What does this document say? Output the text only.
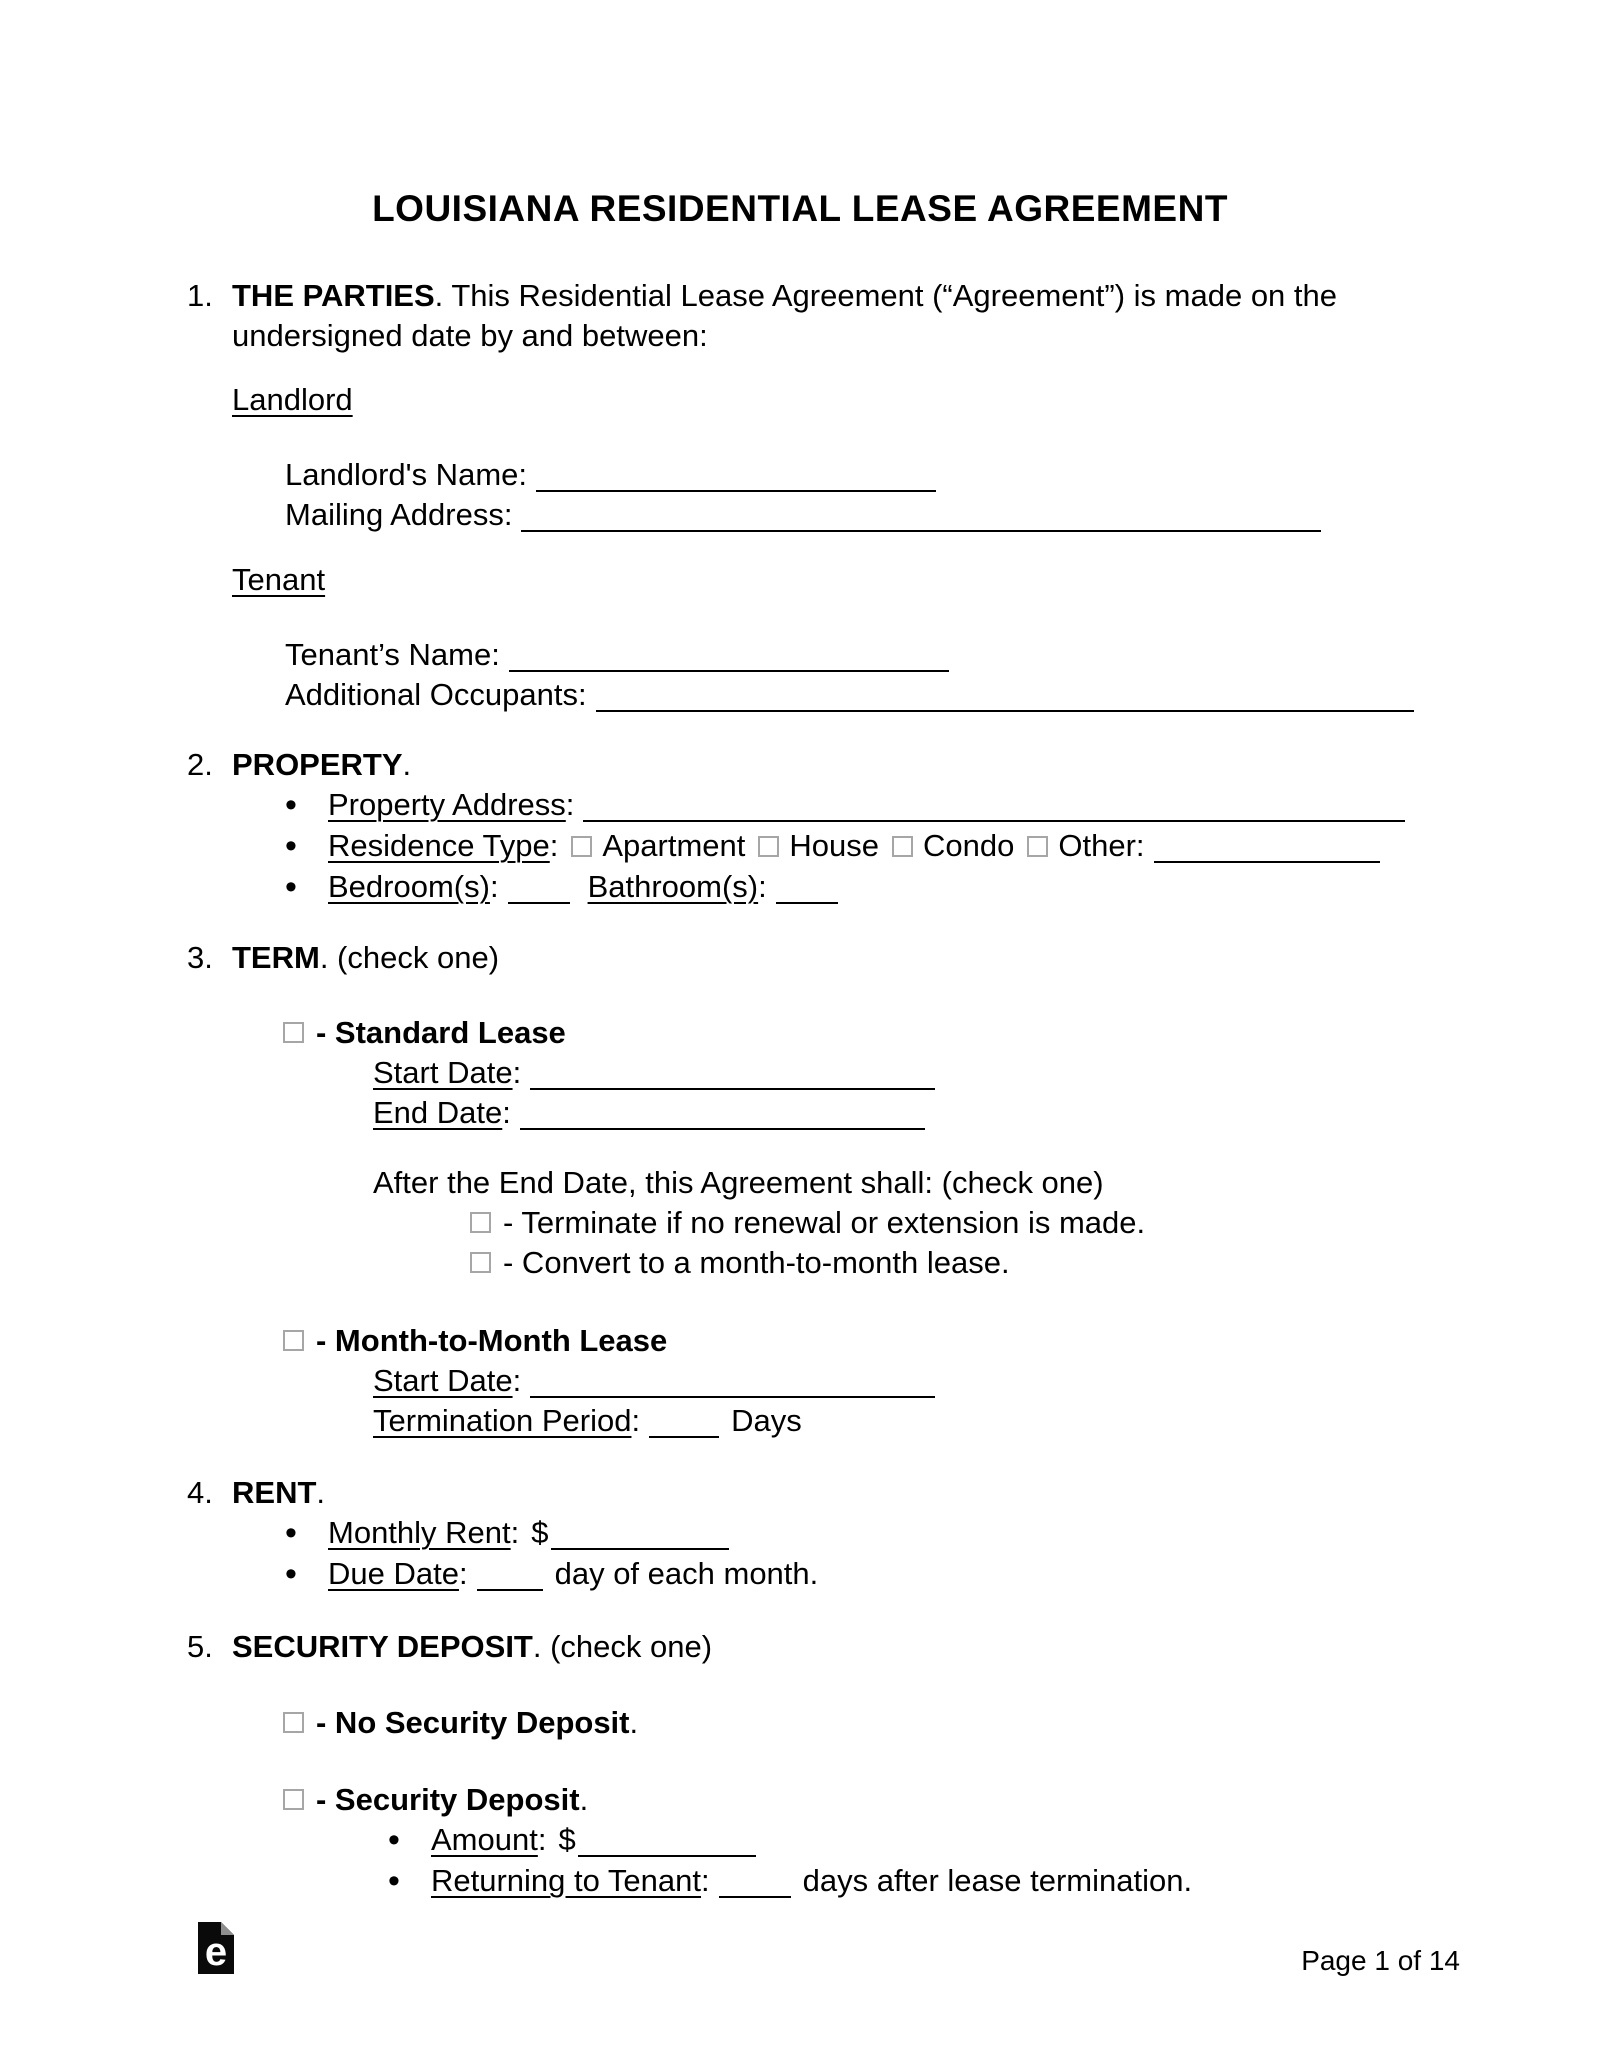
LOUISIANA RESIDENTIAL LEASE AGREEMENT
1. THE PARTIES. This Residential Lease Agreement (“Agreement”) is made on the undersigned date by and between:
Landlord
Landlord's Name:
Mailing Address:
Tenant
Tenant’s Name:
Additional Occupants:
2. PROPERTY.
•
Property Address:
•
Residence Type: Apartment House Condo Other:
•
Bedroom(s):	Bathroom(s):
3. TERM. (check one)
- Standard Lease
Start Date:
End Date:
After the End Date, this Agreement shall: (check one)
- Terminate if no renewal or extension is made.
- Convert to a month-to-month lease.
- Month-to-Month Lease
Start Date:
Termination Period:	Days
4. RENT.
•
Monthly Rent: $
•
Due Date:	day of each month.
5. SECURITY DEPOSIT. (check one)
- No Security Deposit.
- Security Deposit.
•
Amount: $
•
Returning to Tenant:	days after lease termination.
e	Page 1 of 14
